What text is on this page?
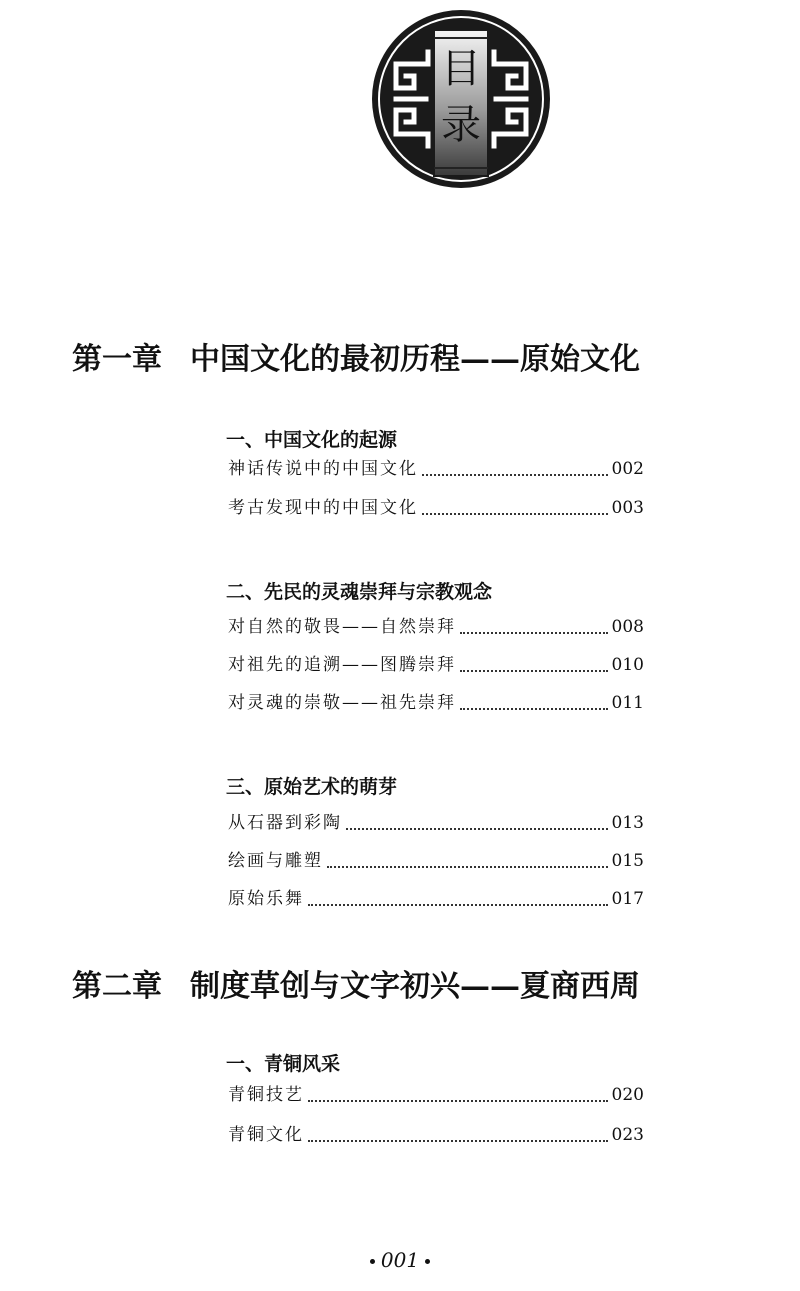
目
录
第一章 中国文化的最初历程——原始文化
一、中国文化的起源
神话传说中的中国文化	002
考古发现中的中国文化	003
二、先民的灵魂崇拜与宗教观念
对自然的敬畏——自然崇拜	008
对祖先的追溯——图腾崇拜	010
对灵魂的崇敬——祖先崇拜	011
三、原始艺术的萌芽
从石器到彩陶	013
绘画与雕塑	015
原始乐舞	017
第二章 制度草创与文字初兴——夏商西周
一、青铜风采
青铜技艺	020
青铜文化	023
001
